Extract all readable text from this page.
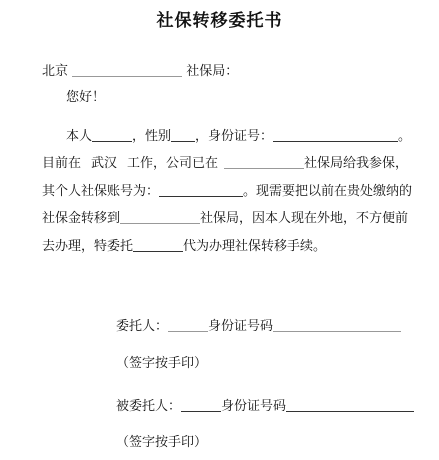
社保转移委托书
北京	社保局：
您好！
本人	，性别 ，身份证号：	。
目前在 武汉 工作，公司已在	社保局给我参保，
其个人社保账号为：	。现需要把以前在贵处缴纳的
社保金转移到	社保局，因本人现在外地，不方便前
去办理，特委托	代为办理社保转移手续。
委托人：	身份证号码
（签字按手印）
被委托人：	身份证号码
（签字按手印）
